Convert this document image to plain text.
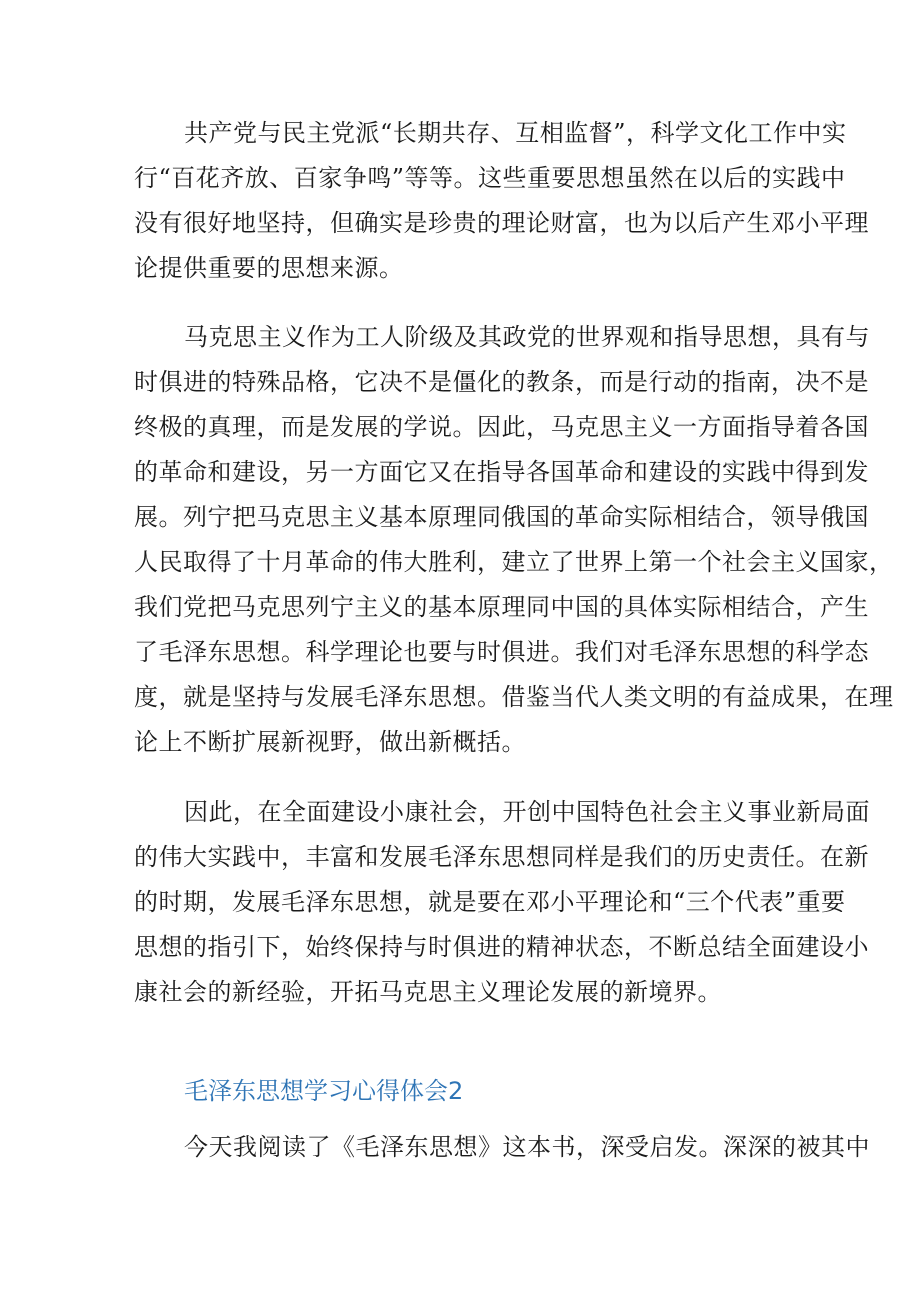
共产党与民主党派“长期共存、互相监督”，科学文化工作中实
行“百花齐放、百家争鸣”等等。这些重要思想虽然在以后的实践中
没有很好地坚持，但确实是珍贵的理论财富，也为以后产生邓小平理
论提供重要的思想来源。
马克思主义作为工人阶级及其政党的世界观和指导思想，具有与
时俱进的特殊品格，它决不是僵化的教条，而是行动的指南，决不是
终极的真理，而是发展的学说。因此，马克思主义一方面指导着各国
的革命和建设，另一方面它又在指导各国革命和建设的实践中得到发
展。列宁把马克思主义基本原理同俄国的革命实际相结合，领导俄国
人民取得了十月革命的伟大胜利，建立了世界上第一个社会主义国家，
我们党把马克思列宁主义的基本原理同中国的具体实际相结合，产生
了毛泽东思想。科学理论也要与时俱进。我们对毛泽东思想的科学态
度，就是坚持与发展毛泽东思想。借鉴当代人类文明的有益成果，在理
论上不断扩展新视野，做出新概括。
因此，在全面建设小康社会，开创中国特色社会主义事业新局面
的伟大实践中，丰富和发展毛泽东思想同样是我们的历史责任。在新
的时期，发展毛泽东思想，就是要在邓小平理论和“三个代表”重要
思想的指引下，始终保持与时俱进的精神状态，不断总结全面建设小
康社会的新经验，开拓马克思主义理论发展的新境界。
毛泽东思想学习心得体会2
今天我阅读了《毛泽东思想》这本书，深受启发。深深的被其中
